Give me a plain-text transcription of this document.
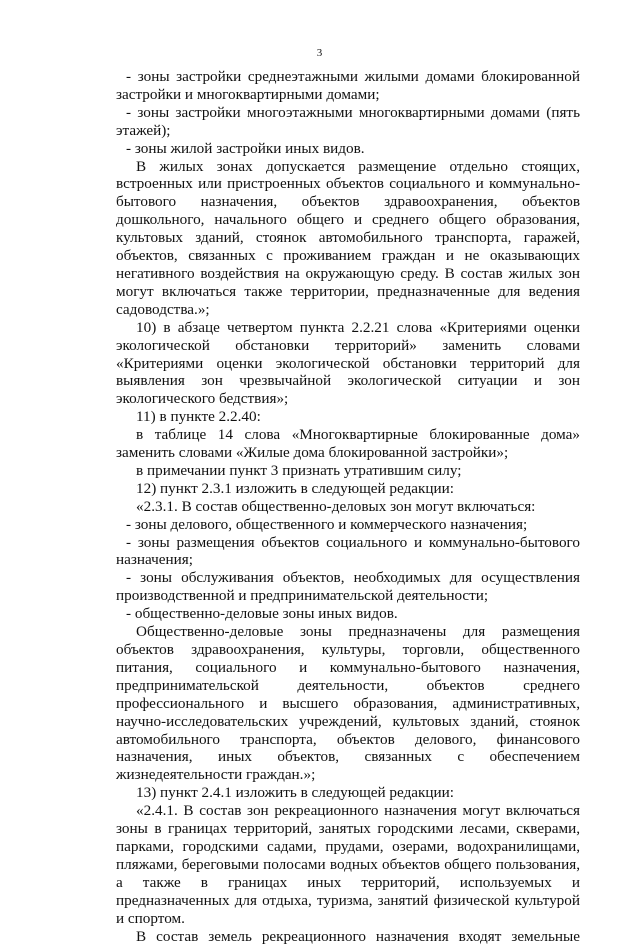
3

- зоны застройки среднеэтажными жилыми домами блокированной застройки и многоквартирными домами;

- зоны застройки многоэтажными многоквартирными домами (пять этажей);

- зоны жилой застройки иных видов.

В жилых зонах допускается размещение отдельно стоящих, встроенных или пристроенных объектов социального и коммунально-бытового назначения, объектов здравоохранения, объектов дошкольного, начального общего и среднего общего образования, культовых зданий, стоянок автомобильного транспорта, гаражей, объектов, связанных с проживанием граждан и не оказывающих негативного воздействия на окружающую среду. В состав жилых зон могут включаться также территории, предназначенные для ведения садоводства.»;

10) в абзаце четвертом пункта 2.2.21 слова «Критериями оценки экологической обстановки территорий» заменить словами «Критериями оценки экологической обстановки территорий для выявления зон чрезвычайной экологической ситуации и зон экологического бедствия»;

11) в пункте 2.2.40:

в таблице 14 слова «Многоквартирные блокированные дома» заменить словами «Жилые дома блокированной застройки»;

в примечании пункт 3 признать утратившим силу;

12) пункт 2.3.1 изложить в следующей редакции:

«2.3.1. В состав общественно-деловых зон могут включаться:

- зоны делового, общественного и коммерческого назначения;

- зоны размещения объектов социального и коммунально-бытового назначения;

- зоны обслуживания объектов, необходимых для осуществления производственной и предпринимательской деятельности;

- общественно-деловые зоны иных видов.

Общественно-деловые зоны предназначены для размещения объектов здравоохранения, культуры, торговли, общественного питания, социального и коммунально-бытового назначения, предпринимательской деятельности, объектов среднего профессионального и высшего образования, административных, научно-исследовательских учреждений, культовых зданий, стоянок автомобильного транспорта, объектов делового, финансового назначения, иных объектов, связанных с обеспечением жизнедеятельности граждан.»;

13) пункт 2.4.1 изложить в следующей редакции:

«2.4.1. В состав зон рекреационного назначения могут включаться зоны в границах территорий, занятых городскими лесами, скверами, парками, городскими садами, прудами, озерами, водохранилищами, пляжами, береговыми полосами водных объектов общего пользования, а также в границах иных территорий, используемых и предназначенных для отдыха, туризма, занятий физической культурой и спортом.

В состав земель рекреационного назначения входят земельные
